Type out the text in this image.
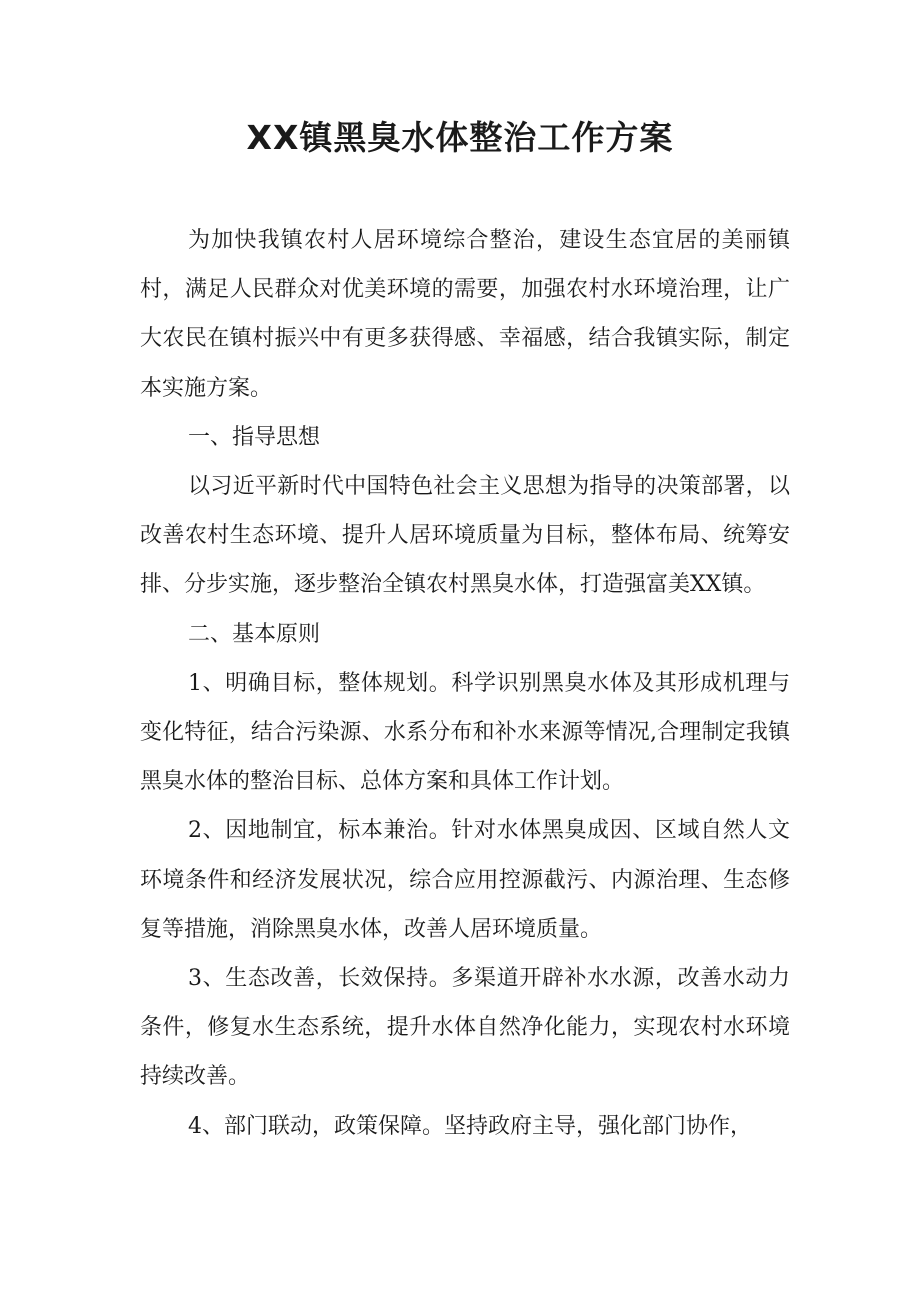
XX镇黑臭水体整治工作方案

为加快我镇农村人居环境综合整治，建设生态宜居的美丽镇村，满足人民群众对优美环境的需要，加强农村水环境治理，让广大农民在镇村振兴中有更多获得感、幸福感，结合我镇实际，制定本实施方案。

一、指导思想

以习近平新时代中国特色社会主义思想为指导的决策部署，以改善农村生态环境、提升人居环境质量为目标，整体布局、统筹安排、分步实施，逐步整治全镇农村黑臭水体，打造强富美XX镇。

二、基本原则

1、明确目标，整体规划。科学识别黑臭水体及其形成机理与变化特征，结合污染源、水系分布和补水来源等情况,合理制定我镇黑臭水体的整治目标、总体方案和具体工作计划。

2、因地制宜，标本兼治。针对水体黑臭成因、区域自然人文环境条件和经济发展状况，综合应用控源截污、内源治理、生态修复等措施，消除黑臭水体，改善人居环境质量。

3、生态改善，长效保持。多渠道开辟补水水源，改善水动力条件，修复水生态系统，提升水体自然净化能力，实现农村水环境持续改善。

4、部门联动，政策保障。坚持政府主导，强化部门协作，
